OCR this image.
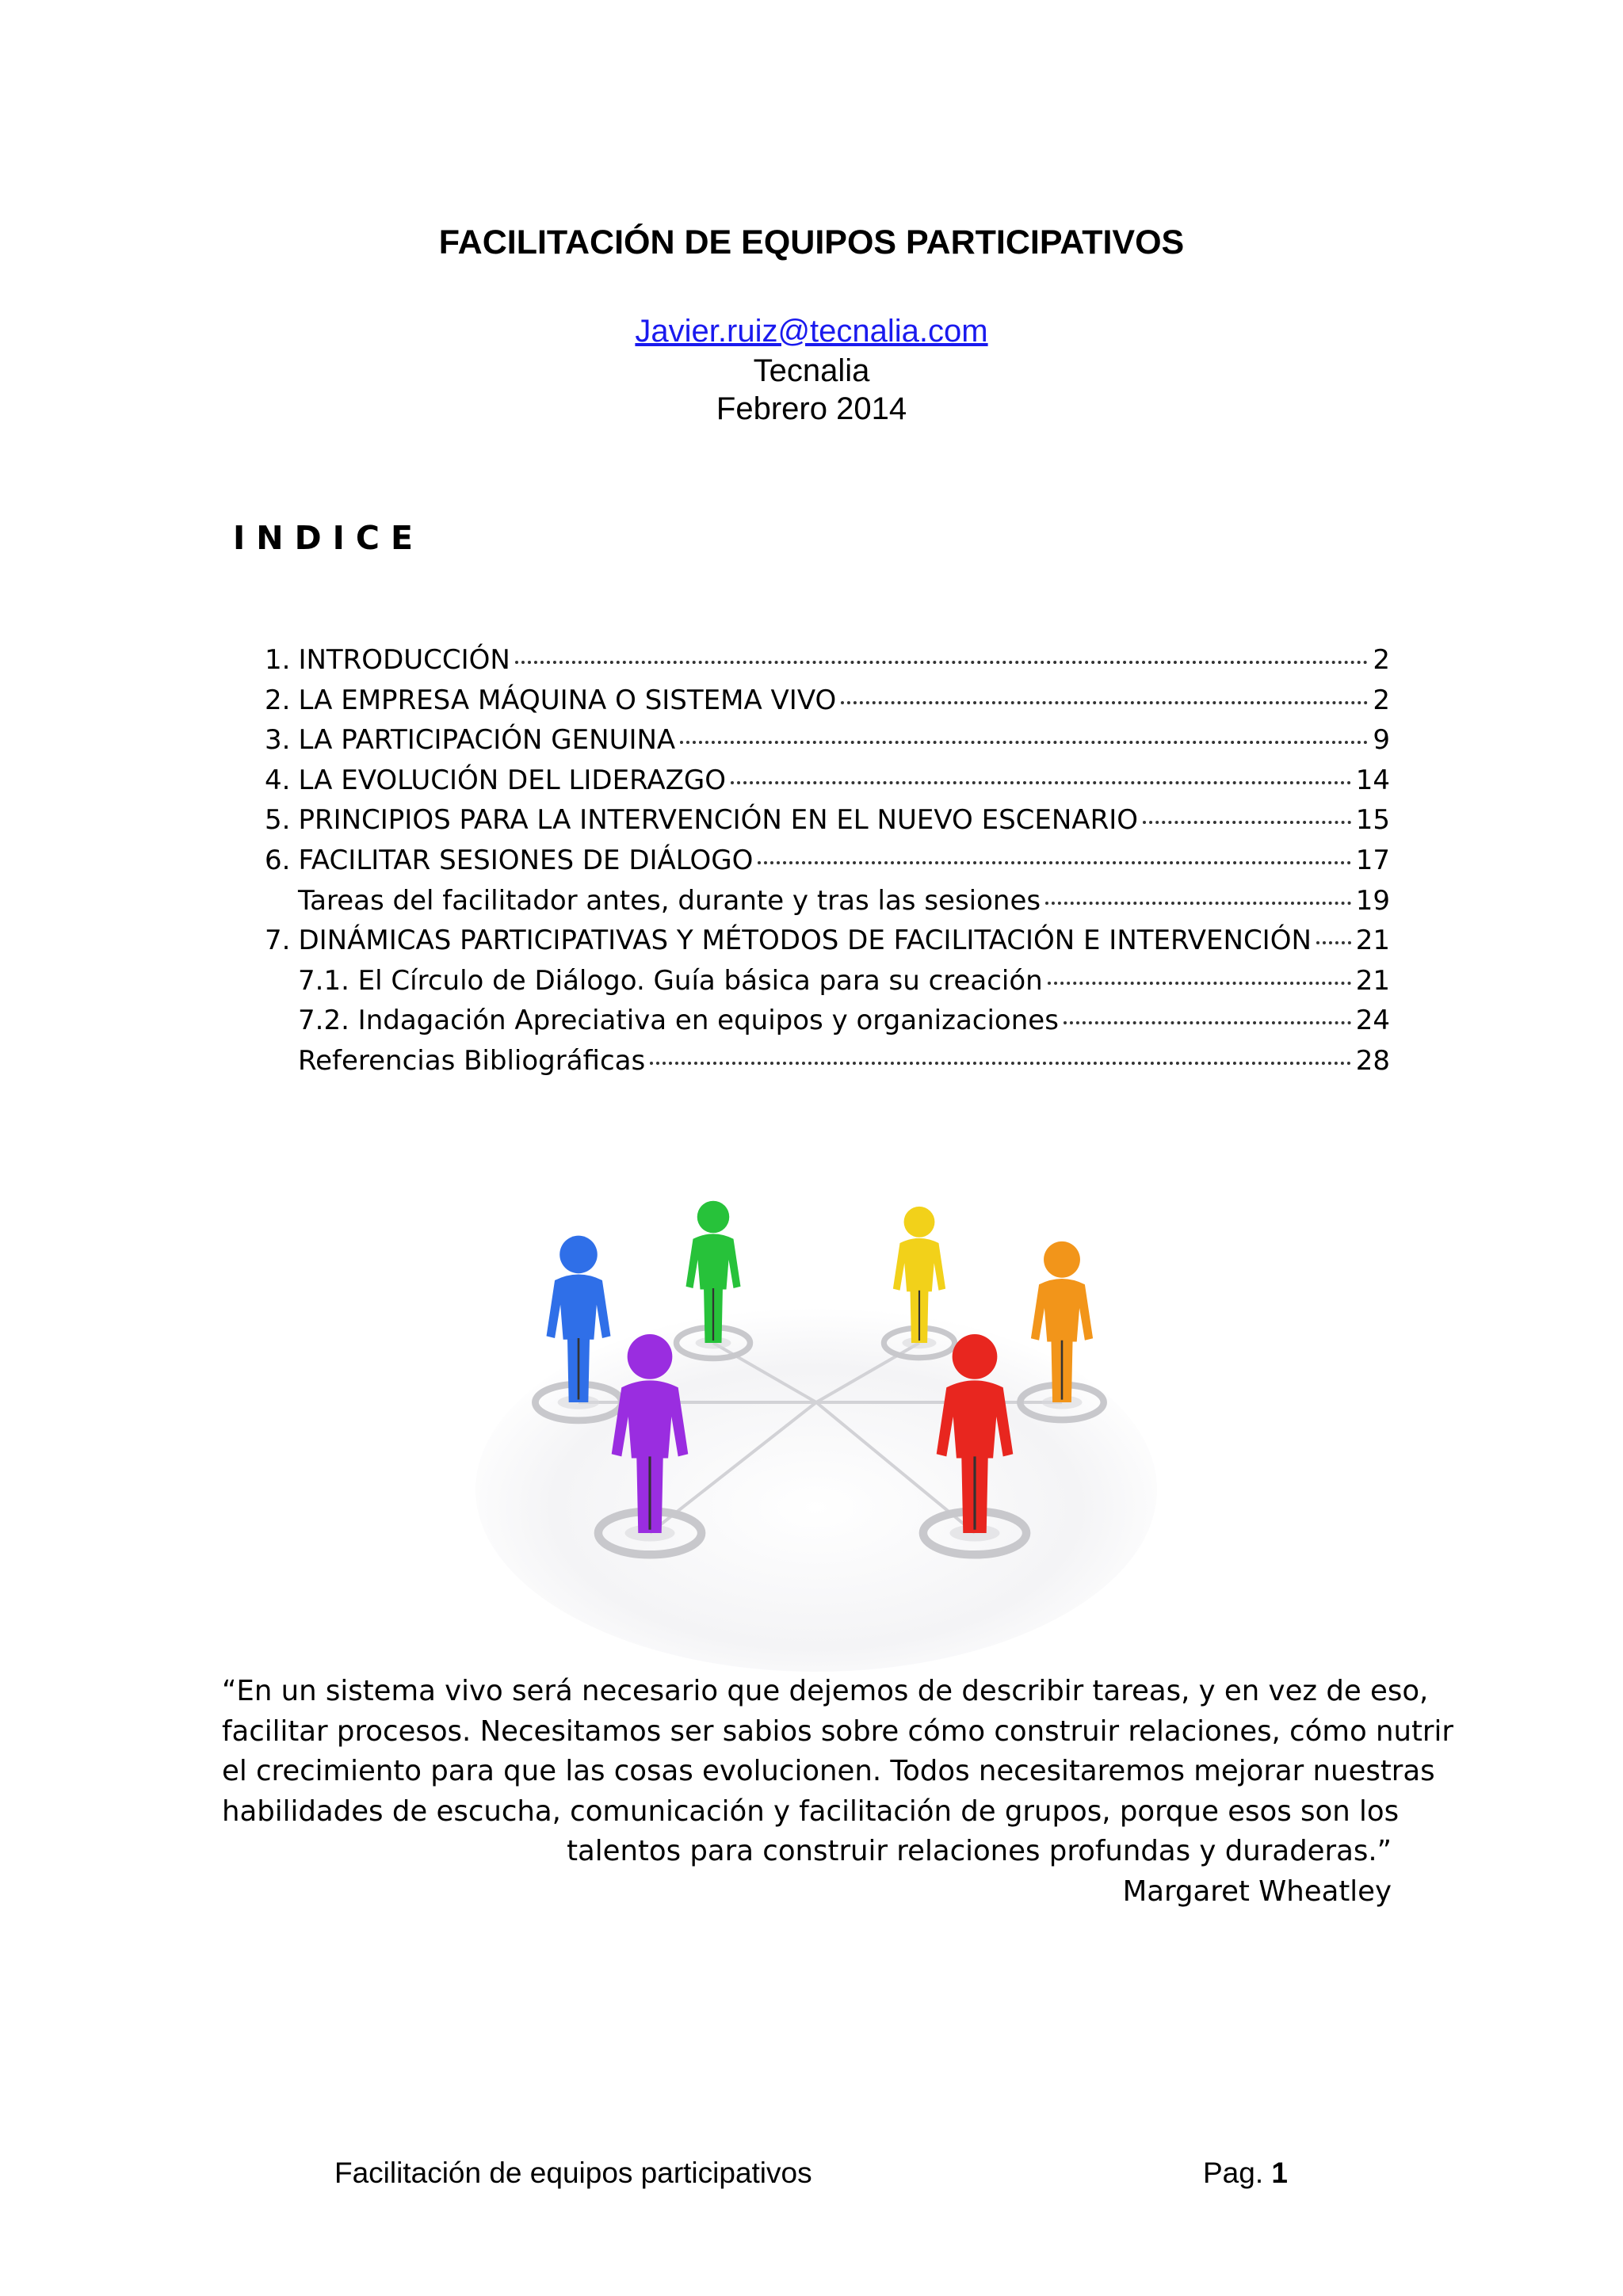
FACILITACIÓN DE EQUIPOS PARTICIPATIVOS
Javier.ruiz@tecnalia.com
Tecnalia
Febrero 2014
INDICE
1. INTRODUCCIÓN	2
2. LA EMPRESA MÁQUINA O SISTEMA VIVO	2
3. LA PARTICIPACIÓN GENUINA	9
4. LA EVOLUCIÓN DEL LIDERAZGO	14
5. PRINCIPIOS PARA LA INTERVENCIÓN EN EL NUEVO ESCENARIO	15
6. FACILITAR SESIONES DE DIÁLOGO	17
Tareas del facilitador antes, durante y tras las sesiones	19
7. DINÁMICAS PARTICIPATIVAS Y MÉTODOS DE FACILITACIÓN E INTERVENCIÓN 21
7.1. El Círculo de Diálogo. Guía básica para su creación	21
7.2. Indagación Apreciativa en equipos y organizaciones	24
Referencias Bibliográficas	28
“En un sistema vivo será necesario que dejemos de describir tareas, y en vez de eso,
facilitar procesos. Necesitamos ser sabios sobre cómo construir relaciones, cómo nutrir
el crecimiento para que las cosas evolucionen. Todos necesitaremos mejorar nuestras
habilidades de escucha, comunicación y facilitación de grupos, porque esos son los
talentos para construir relaciones profundas y duraderas.”
Margaret Wheatley
Facilitación de equipos participativos	Pag. 1
